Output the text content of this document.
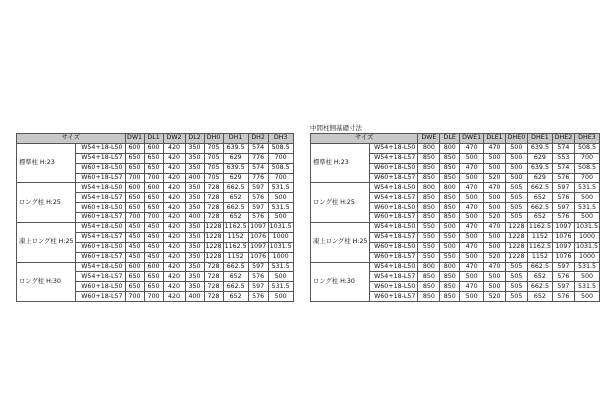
中間柱側基礎寸法
サイズ		DW1	DL1	DW2	DL2	DH0	DH1	DH2	DH3
標準柱 H:23	W54+18-L50	600	600	420	350	705	639.5	574	508.5
	W54+18-L57	650	650	420	350	705	629	776	700
	W60+18-L50	650	650	420	350	705	639.5	574	508.5
	W60+18-L57	700	700	420	400	705	629	776	700
ロング柱 H:25	W54+18-L50	600	600	420	350	728	662.5	597	531.5
	W54+18-L57	650	650	420	350	728	652	576	500
	W60+18-L50	650	650	420	350	728	662.5	597	531.5
	W60+18-L57	700	700	420	400	728	652	576	500
凍上ロング柱 H:25	W54+18-L50	450	450	420	350	1228	1162.5	1097	1031.5
	W54+18-L57	450	450	420	350	1228	1152	1076	1000
	W60+18-L50	450	450	420	350	1228	1162.5	1097	1031.5
	W60+18-L57	450	450	420	350	1228	1152	1076	1000
ロング柱 H:30	W54+18-L50	600	600	420	350	728	662.5	597	531.5
	W54+18-L57	650	650	420	350	728	652	576	500
	W60+18-L50	650	650	420	350	728	662.5	597	531.5
	W60+18-L57	700	700	420	400	728	652	576	500
サイズ		DWE	DLE	DWE1	DLE1	DHE0	DHE1	DHE2	DHE3
標準柱 H:23	W54+18-L50	800	800	470	470	500	639.5	574	508.5
	W54+18-L57	850	850	500	500	500	629	553	700
	W60+18-L50	850	850	470	500	500	639.5	574	508.5
	W60+18-L57	850	850	500	520	500	629	576	700
ロング柱 H:25	W54+18-L50	800	800	470	470	505	662.5	597	531.5
	W54+18-L57	850	850	500	500	505	652	576	500
	W60+18-L50	850	850	470	500	505	662.5	597	531.5
	W60+18-L57	850	850	500	520	505	652	576	500
凍上ロング柱 H:25	W54+18-L50	550	500	470	470	1228	1162.5	1097	1031.5
	W54+18-L57	550	550	500	500	1228	1152	1076	1000
	W60+18-L50	550	500	470	500	1228	1162.5	1097	1031.5
	W60+18-L57	550	550	500	520	1228	1152	1076	1000
ロング柱 H:30	W54+18-L50	800	800	470	470	505	662.5	597	531.5
	W54+18-L57	850	850	500	500	505	652	576	500
	W60+18-L50	850	850	470	500	505	662.5	597	531.5
	W60+18-L57	850	850	500	520	505	652	576	500
